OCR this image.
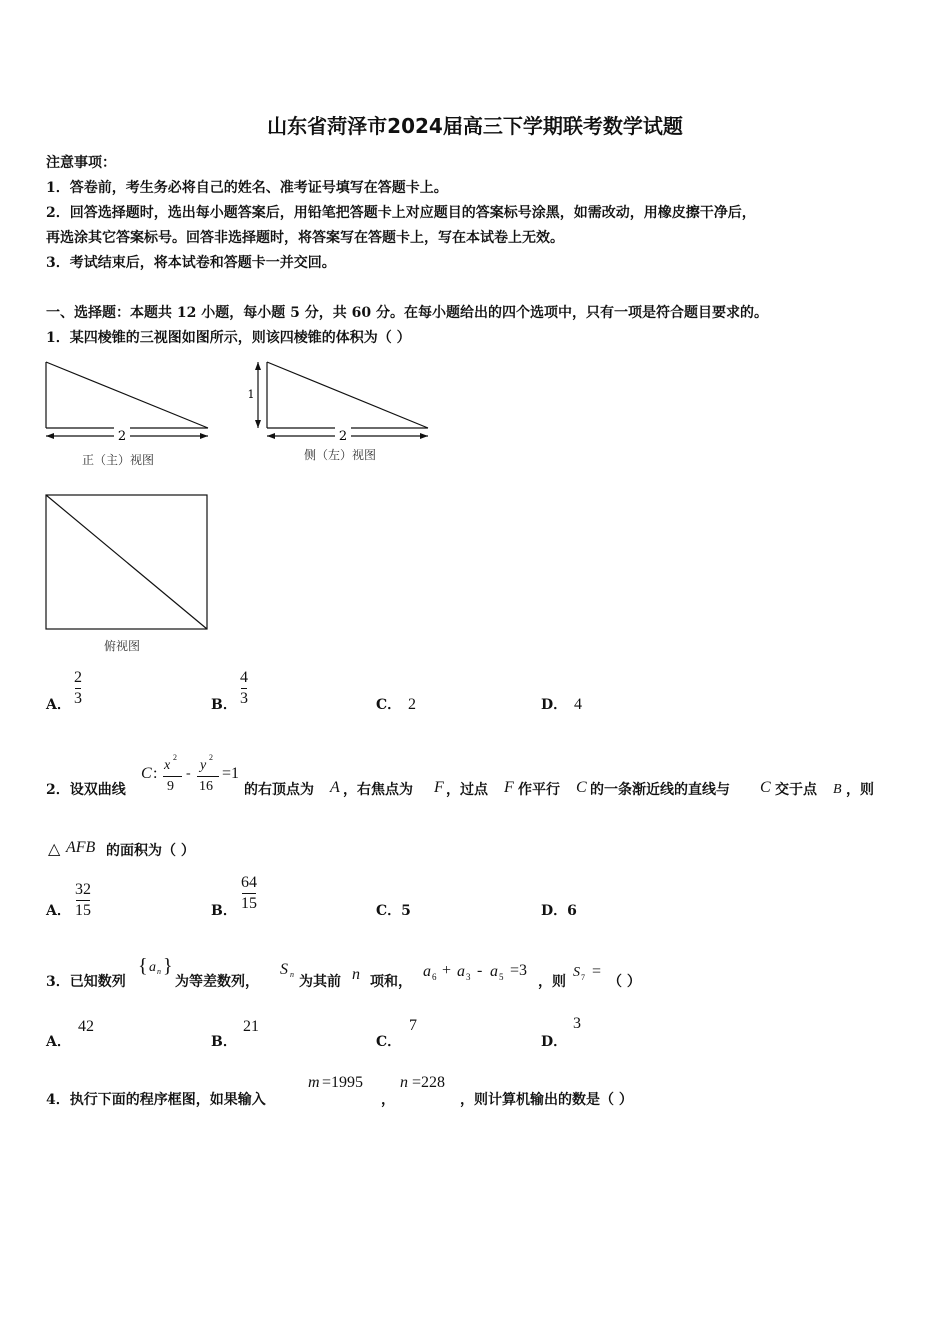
山东省菏泽市2024届高三下学期联考数学试题
注意事项：
1．答卷前，考生务必将自己的姓名、准考证号填写在答题卡上。
2．回答选择题时，选出每小题答案后，用铅笔把答题卡上对应题目的答案标号涂黑，如需改动，用橡皮擦干净后，
再选涂其它答案标号。回答非选择题时，将答案写在答题卡上，写在本试卷上无效。
3．考试结束后，将本试卷和答题卡一并交回。
一、选择题：本题共 12 小题，每小题 5 分，共 60 分。在每小题给出的四个选项中，只有一项是符合题目要求的。
1．某四棱锥的三视图如图所示，则该四棱锥的体积为（ ）
2
正（主）视图
1
2
侧（左）视图
俯视图
A．
2
3	B．
4
3	C． 2	D． 4
2．设双曲线
C : x
2
9
-
y
2
16
=1
的右顶点为 A ，右焦点为 F ，过点 F 作平行 C 的一条渐近线的直线与 C 交于点 B ，则
△ AFB 的面积为（ ）
A．
32
15	B．
64
15	C．5	D．6
3．已知数列
{ a n }
为等差数列，
S n 为其前 n 项和，
a 6 + a 3 - a 5 =3
，则
S 7 =
（ ）
A．
42
B．
21
C．
7
D．
3
4．执行下面的程序框图，如果输入
m =1995
，
n =228
，则计算机输出的数是（ ）
